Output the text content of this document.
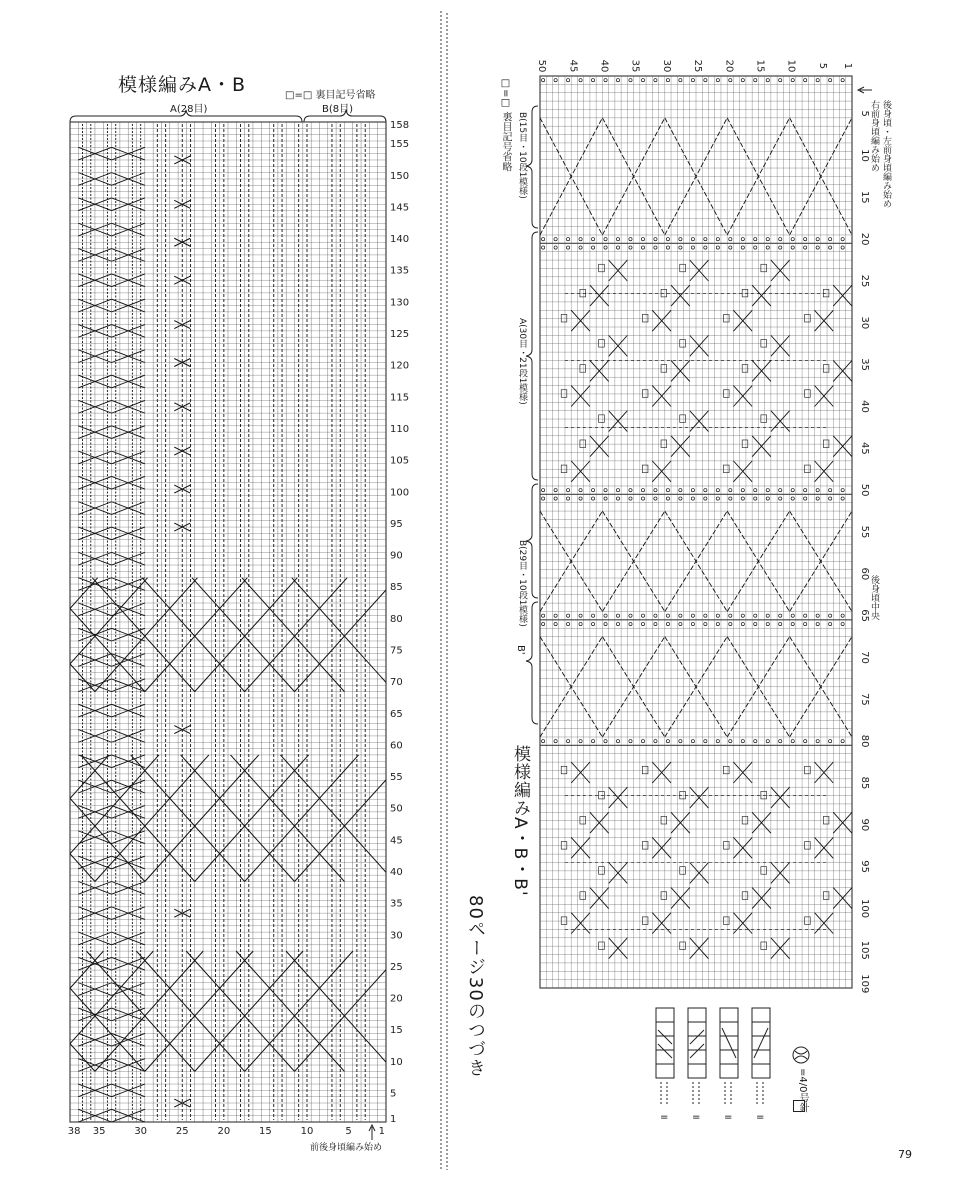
模様編みA・B	□=□ 裏目記号省略
A(28目)	B(8目)
158
155
150
145
140
135
130
125
120
115
110
105
100
95
90
85
80
75
70
65
60
55
50
45
40
35
30
25
20
15
10
5
1
38 35	30	25	20	15	10	5	1
前後身頃編み始め
80ページ30のつづき
模様編みA・B・B'
□=□ 裏目記号省略 B(15目・10段1模様)
A(30目・21段1模様)
B(29目・10段1模様)
B'
右前身頃編み始め 後身頃・左前身頃編み始め
後身頃中央
50 45 40 35 30 25 20 15 10 5 1
5
10
15
20
25
30
35
40
45
50
55
60
65
70
75
80
85
90
95
100
105
109
= = = =
=4/0号針
79
